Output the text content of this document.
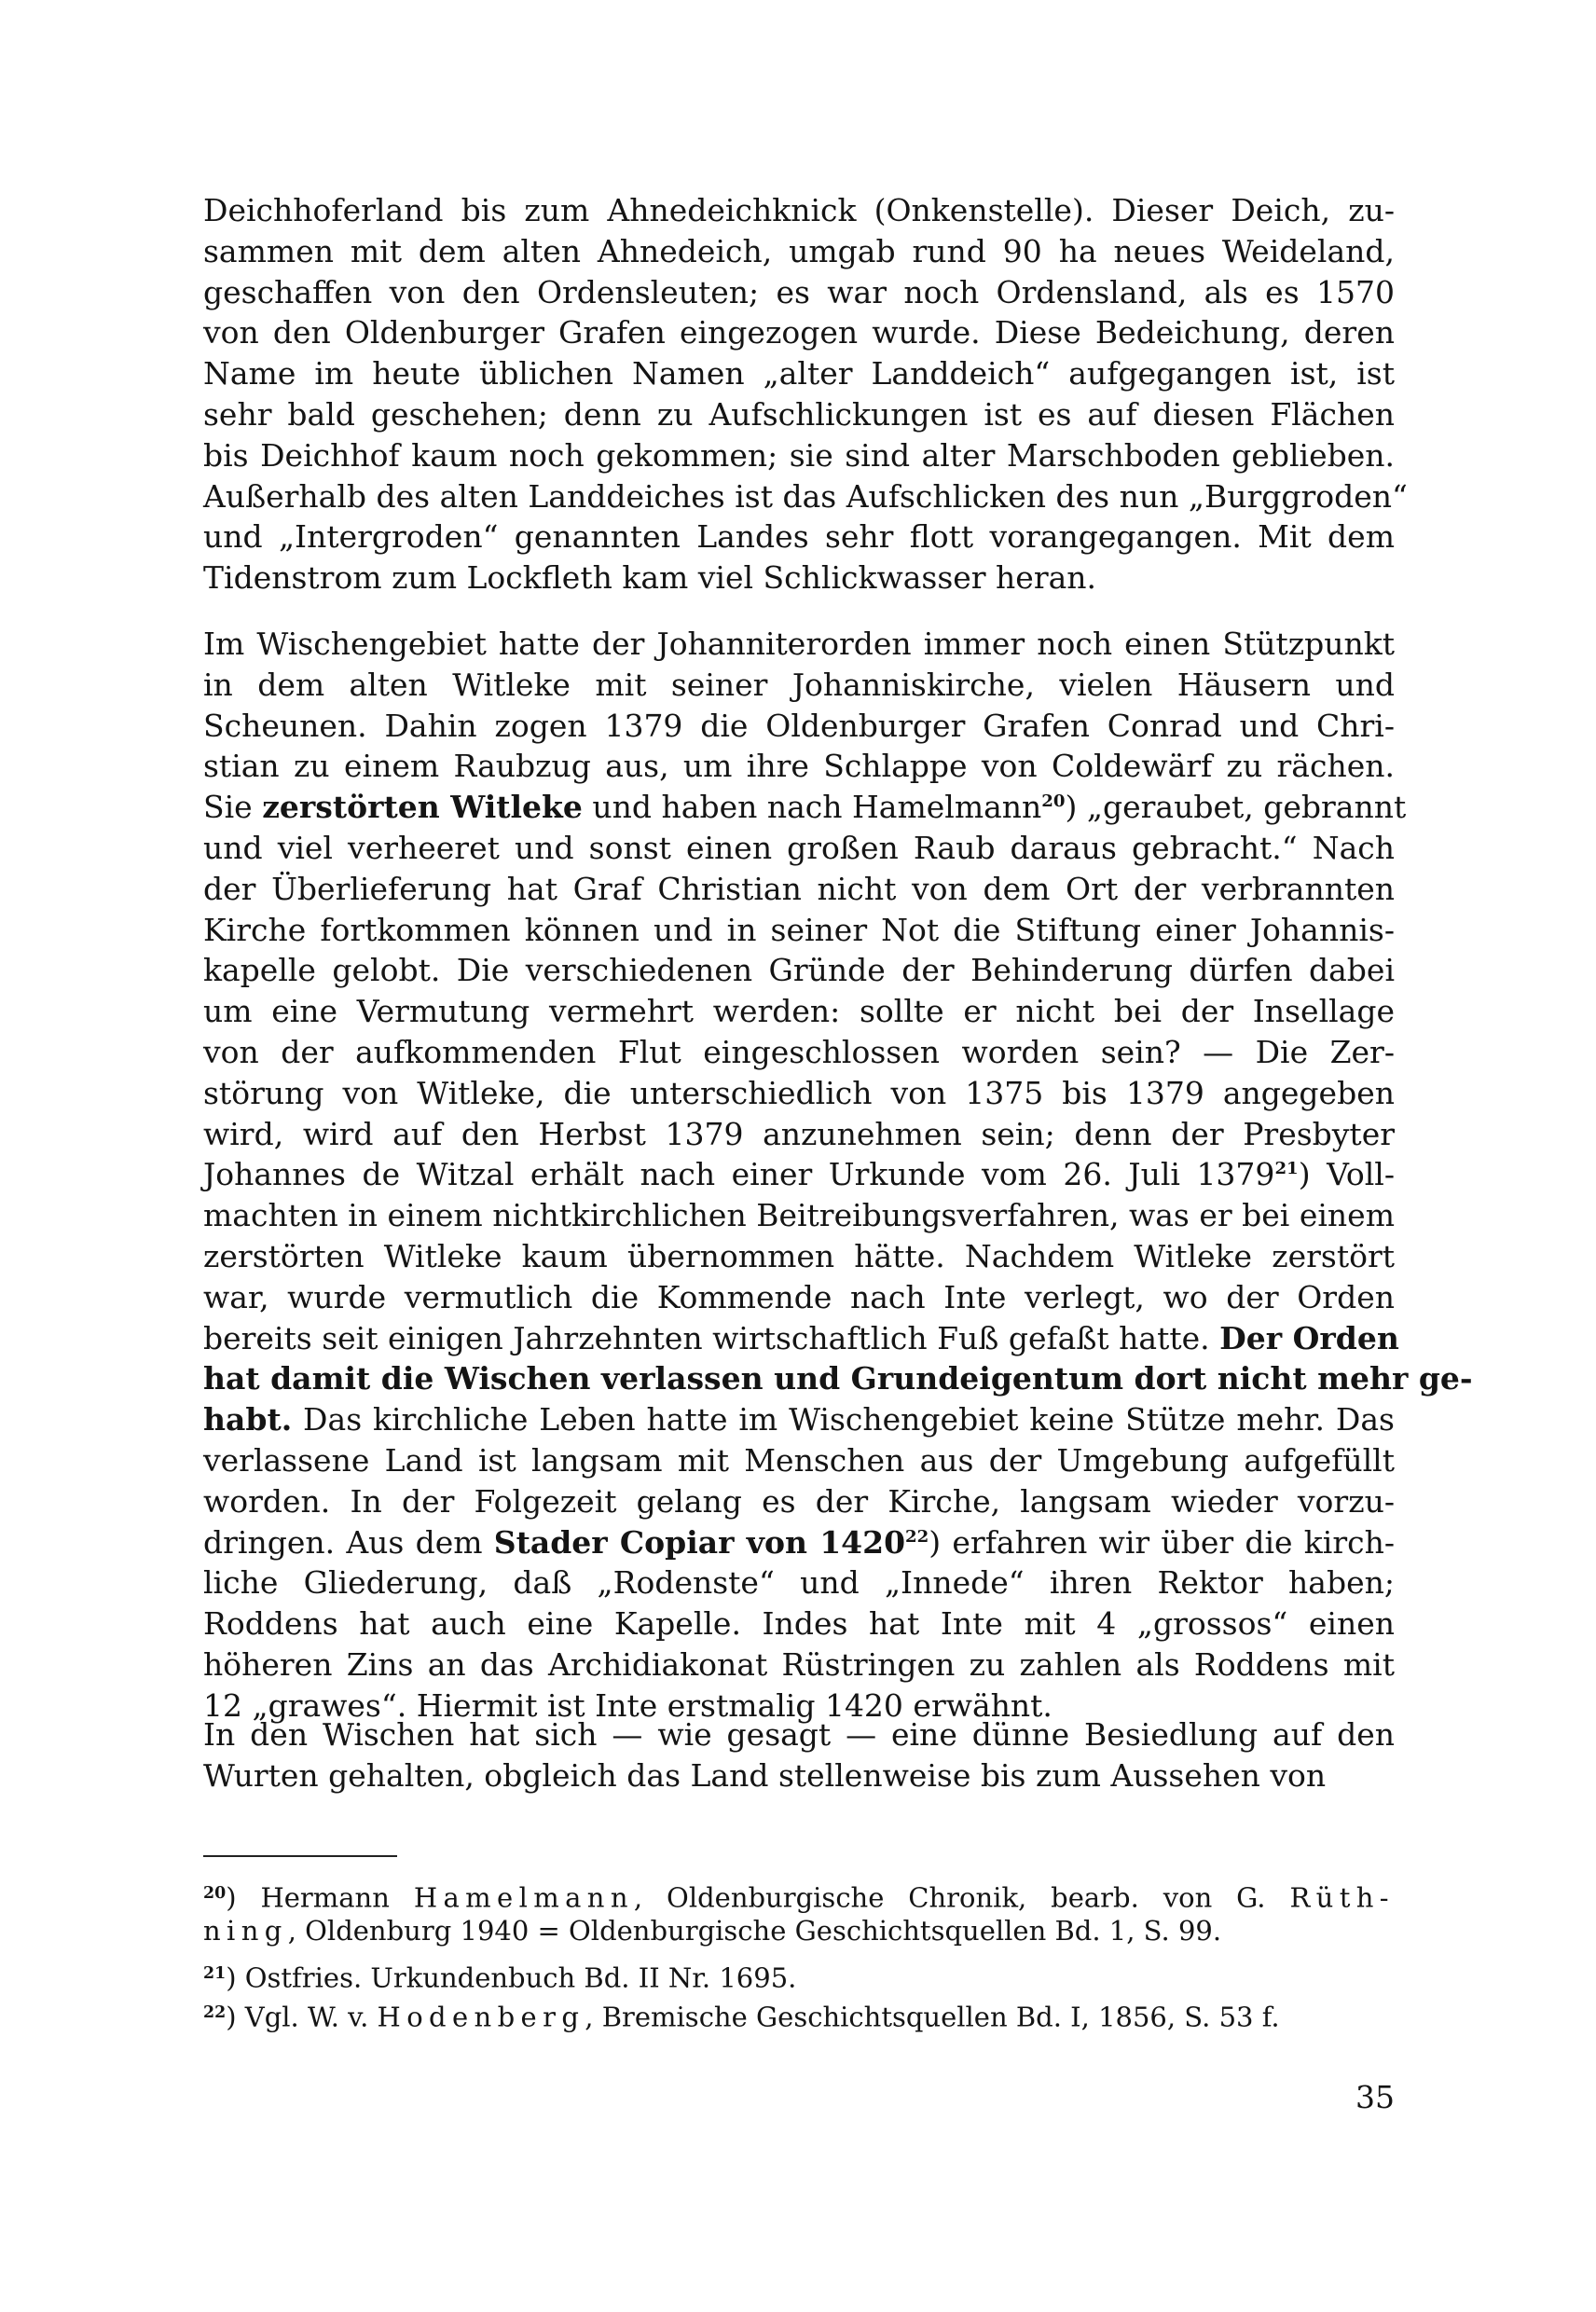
Deichhoferland bis zum Ahnedeichknick (Onkenstelle). Dieser Deich, zu-
sammen mit dem alten Ahnedeich, umgab rund 90 ha neues Weideland,
geschaffen von den Ordensleuten; es war noch Ordensland, als es 1570
von den Oldenburger Grafen eingezogen wurde. Diese Bedeichung, deren
Name im heute üblichen Namen „alter Landdeich“ aufgegangen ist, ist
sehr bald geschehen; denn zu Aufschlickungen ist es auf diesen Flächen
bis Deichhof kaum noch gekommen; sie sind alter Marschboden geblieben.
Außerhalb des alten Landdeiches ist das Aufschlicken des nun „Burggroden“
und „Intergroden“ genannten Landes sehr flott vorangegangen. Mit dem
Tidenstrom zum Lockfleth kam viel Schlickwasser heran.
Im Wischengebiet hatte der Johanniterorden immer noch einen Stützpunkt
in dem alten Witleke mit seiner Johanniskirche, vielen Häusern und
Scheunen. Dahin zogen 1379 die Oldenburger Grafen Conrad und Chri-
stian zu einem Raubzug aus, um ihre Schlappe von Coldewärf zu rächen.
Sie zerstörten Witleke und haben nach Hamelmann$^{20}$) „geraubet, gebrannt
und viel verheeret und sonst einen großen Raub daraus gebracht.“ Nach
der Überlieferung hat Graf Christian nicht von dem Ort der verbrannten
Kirche fortkommen können und in seiner Not die Stiftung einer Johannis-
kapelle gelobt. Die verschiedenen Gründe der Behinderung dürfen dabei
um eine Vermutung vermehrt werden: sollte er nicht bei der Insellage
von der aufkommenden Flut eingeschlossen worden sein? — Die Zer-
störung von Witleke, die unterschiedlich von 1375 bis 1379 angegeben
wird, wird auf den Herbst 1379 anzunehmen sein; denn der Presbyter
Johannes de Witzal erhält nach einer Urkunde vom 26. Juli 1379$^{21}$) Voll-
machten in einem nichtkirchlichen Beitreibungsverfahren, was er bei einem
zerstörten Witleke kaum übernommen hätte. Nachdem Witleke zerstört
war, wurde vermutlich die Kommende nach Inte verlegt, wo der Orden
bereits seit einigen Jahrzehnten wirtschaftlich Fuß gefaßt hatte. Der Orden
hat damit die Wischen verlassen und Grundeigentum dort nicht mehr ge-
habt. Das kirchliche Leben hatte im Wischengebiet keine Stütze mehr. Das
verlassene Land ist langsam mit Menschen aus der Umgebung aufgefüllt
worden. In der Folgezeit gelang es der Kirche, langsam wieder vorzu-
dringen. Aus dem Stader Copiar von 1420$^{22}$) erfahren wir über die kirch-
liche Gliederung, daß „Rodenste“ und „Innede“ ihren Rektor haben;
Roddens hat auch eine Kapelle. Indes hat Inte mit 4 „grossos“ einen
höheren Zins an das Archidiakonat Rüstringen zu zahlen als Roddens mit
12 „grawes“. Hiermit ist Inte erstmalig 1420 erwähnt.
In den Wischen hat sich — wie gesagt — eine dünne Besiedlung auf den
Wurten gehalten, obgleich das Land stellenweise bis zum Aussehen von
$^{20}$) Hermann Hamelmann, Oldenburgische Chronik, bearb. von G. Rüth-
ning, Oldenburg 1940 = Oldenburgische Geschichtsquellen Bd. 1, S. 99.
$^{21}$) Ostfries. Urkundenbuch Bd. II Nr. 1695.
$^{22}$) Vgl. W. v. Hodenberg, Bremische Geschichtsquellen Bd. I, 1856, S. 53 f.
35
